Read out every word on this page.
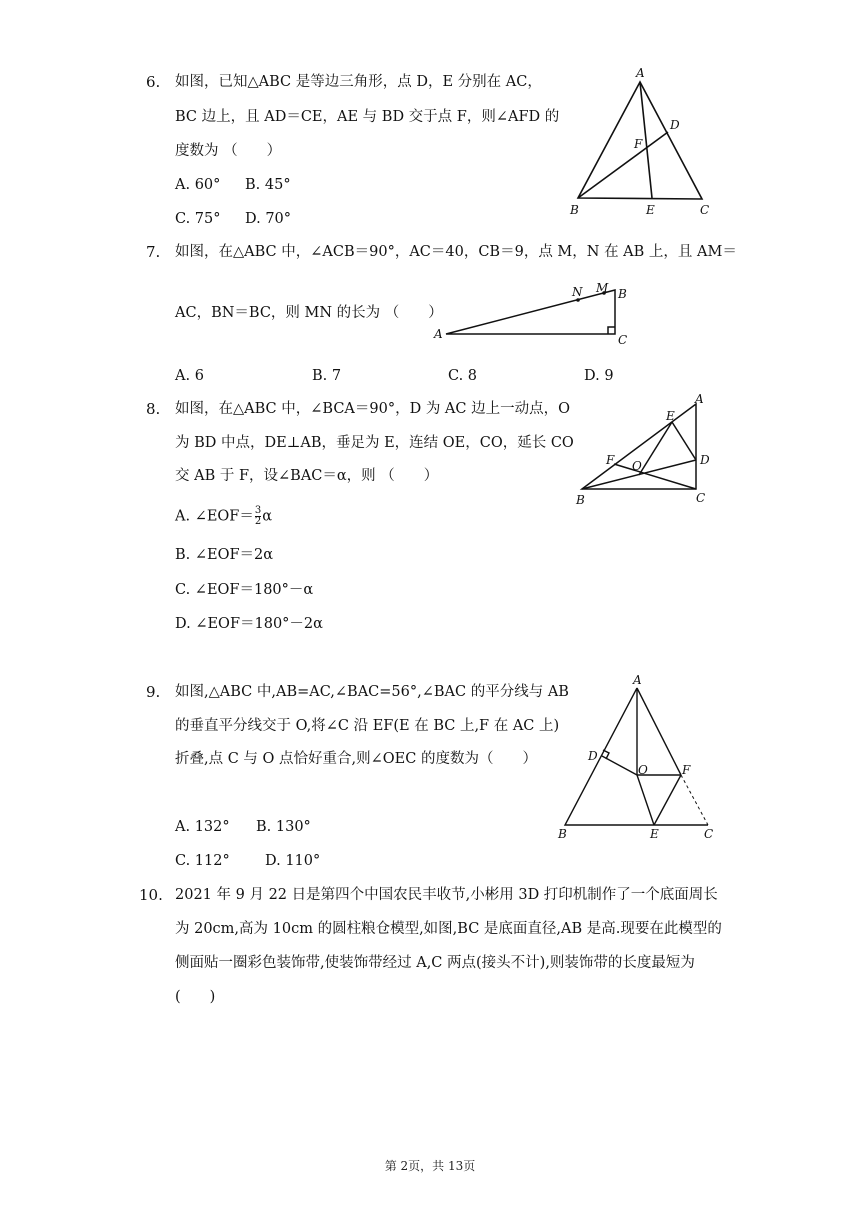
6. 如图，已知△ABC 是等边三角形，点 D，E 分别在 AC，
BC 边上，且 AD＝CE，AE 与 BD 交于点 F，则∠AFD 的
度数为 （　　）
A. 60° B. 45°
C. 75° D. 70°
A
D
F
B	E	C
7. 如图，在△ABC 中，∠ACB＝90°，AC＝40，CB＝9，点 M，N 在 AB 上，且 AM＝
AC，BN＝BC，则 MN 的长为 （　　）
N M B
A	C
A. 6	B. 7	C. 8	D. 9
8. 如图，在△ABC 中，∠BCA＝90°，D 为 AC 边上一动点，O
为 BD 中点，DE⊥AB，垂足为 E，连结 OE，CO，延长 CO
交 AB 于 F，设∠BAC＝α，则 （　　）
A. ∠EOF＝ $\frac{3}{2}$ α
B. ∠EOF＝2α
C. ∠EOF＝180°－α
D. ∠EOF＝180°－2α
E
A
F O	D
B	C
9. 如图,△ABC 中,AB=AC,∠BAC=56°,∠BAC 的平分线与 AB
的垂直平分线交于 O,将∠C 沿 EF(E 在 BC 上,F 在 AC 上)
折叠,点 C 与 O 点恰好重合,则∠OEC 的度数为（　　）
A. 132° B. 130°
C. 112° D. 110°
A
D
O	F
B	E	C
10. 2021 年 9 月 22 日是第四个中国农民丰收节,小彬用 3D 打印机制作了一个底面周长
为 20cm,高为 10cm 的圆柱粮仓模型,如图,BC 是底面直径,AB 是高.现要在此模型的
侧面贴一圈彩色装饰带,使装饰带经过 A,C 两点(接头不计),则装饰带的长度最短为
(　　)
第 2页，共 13页
